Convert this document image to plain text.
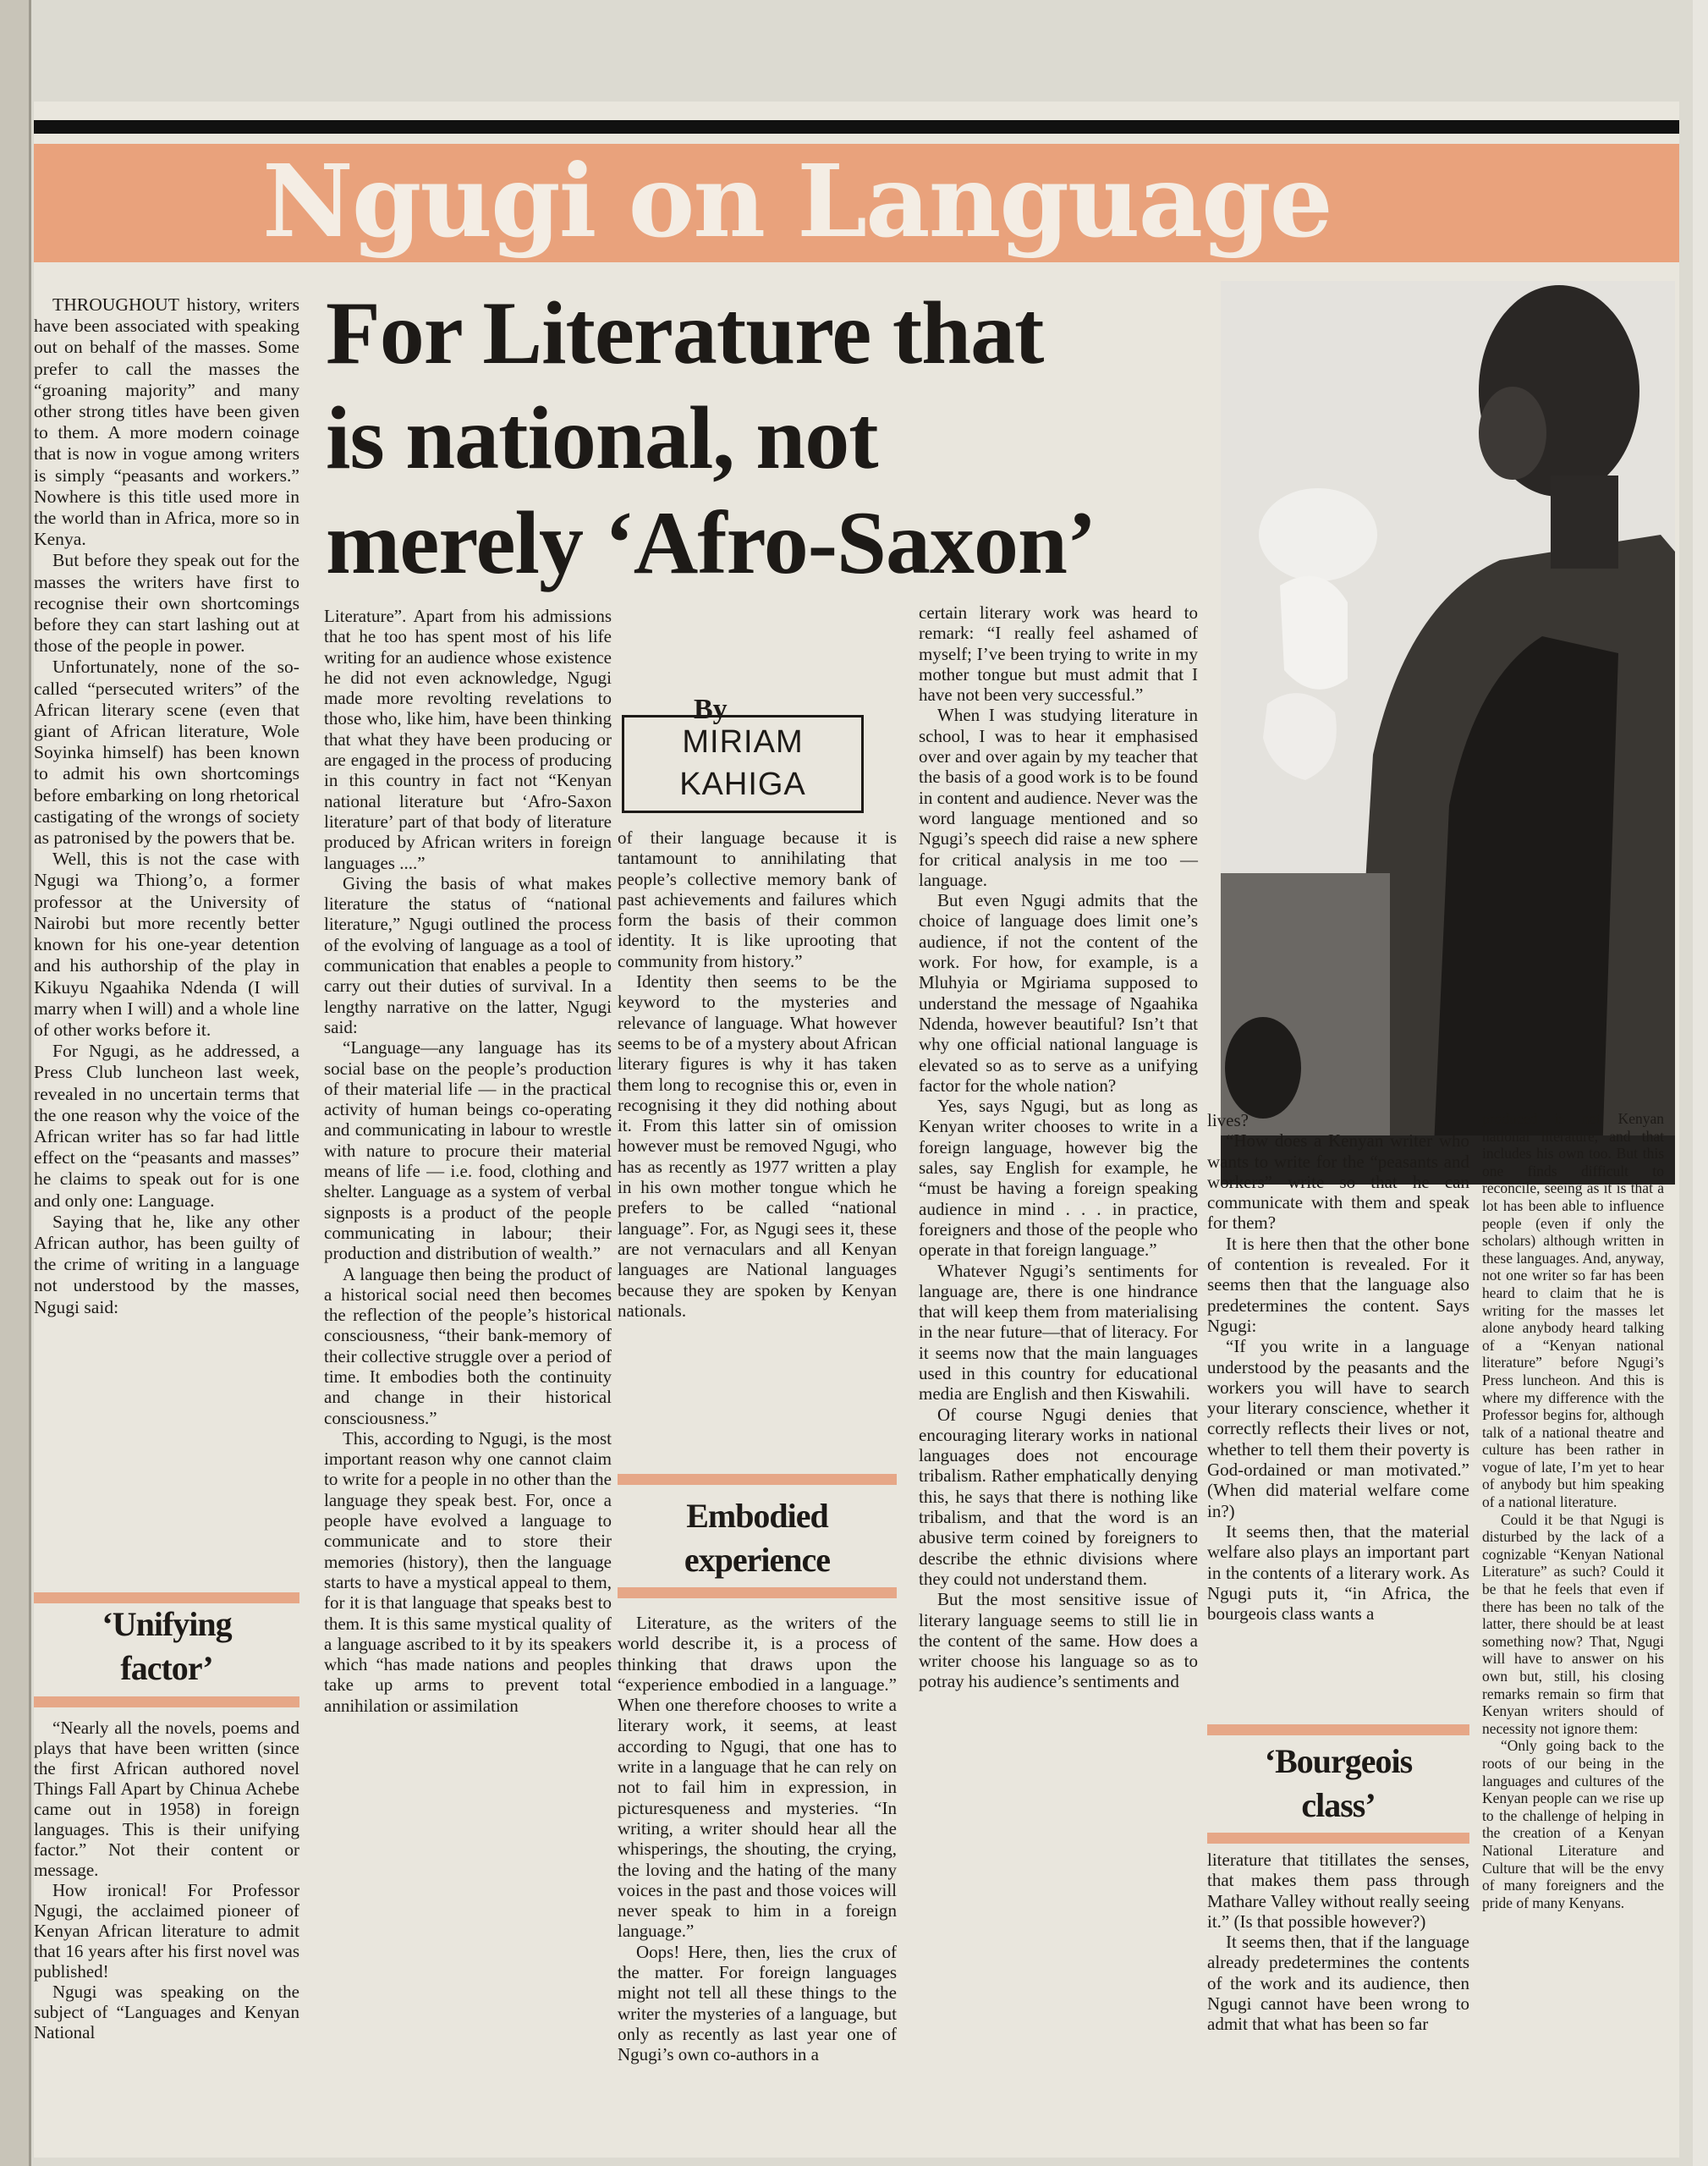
Ngugi on Language
For Literature that
is national, not
merely ‘Afro-Saxon’
By
MIRIAM
KAHIGA

THROUGHOUT history, writers have been associated with speaking out on behalf of the masses. Some prefer to call the masses the “groaning majority” and many other strong titles have been given to them. A more modern coinage that is now in vogue among writers is simply “peasants and workers.” Nowhere is this title used more in the world than in Africa, more so in Kenya.

But before they speak out for the masses the writers have first to recognise their own shortcomings before they can start lashing out at those of the people in power.

Unfortunately, none of the so-called “persecuted writers” of the African literary scene (even that giant of African literature, Wole Soyinka himself) has been known to admit his own shortcomings before embarking on long rhetorical castigating of the wrongs of society as patronised by the powers that be.

Well, this is not the case with Ngugi wa Thiong’o, a former professor at the University of Nairobi but more recently better known for his one-year detention and his authorship of the play in Kikuyu Ngaahika Ndenda (I will marry when I will) and a whole line of other works before it.

For Ngugi, as he addressed, a Press Club luncheon last week, revealed in no uncertain terms that the one reason why the voice of the African writer has so far had little effect on the “peasants and masses” he claims to speak out for is one and only one: Language.

Saying that he, like any other African author, has been guilty of the crime of writing in a language not understood by the masses, Ngugi said:

‘Unifying
factor’

“Nearly all the novels, poems and plays that have been written (since the first African authored novel Things Fall Apart by Chinua Achebe came out in 1958) in foreign languages. This is their unifying factor.” Not their content or message.

How ironical! For Professor Ngugi, the acclaimed pioneer of Kenyan African literature to admit that 16 years after his first novel was published!

Ngugi was speaking on the subject of “Languages and Kenyan National

Literature”. Apart from his admissions that he too has spent most of his life writing for an audience whose existence he did not even acknowledge, Ngugi made more revolting revelations to those who, like him, have been thinking that what they have been producing or are engaged in the process of producing in this country in fact not “Kenyan national literature but ‘Afro-Saxon literature’ part of that body of literature produced by African writers in foreign languages ....”

Giving the basis of what makes literature the status of “national literature,” Ngugi outlined the process of the evolving of language as a tool of communication that enables a people to carry out their duties of survival. In a lengthy narrative on the latter, Ngugi said:

“Language—any language has its social base on the people’s production of their material life — in the practical activity of human beings co-operating and communicating in labour to wrestle with nature to procure their material means of life — i.e. food, clothing and shelter. Language as a system of verbal signposts is a product of the people communicating in labour; their production and distribution of wealth.”

A language then being the product of a historical social need then becomes the reflection of the people’s historical consciousness, “their bank-memory of their collective struggle over a period of time. It embodies both the continuity and change in their historical consciousness.”

This, according to Ngugi, is the most important reason why one cannot claim to write for a people in no other than the language they speak best. For, once a people have evolved a language to communicate and to store their memories (history), then the language starts to have a mystical appeal to them, for it is that language that speaks best to them. It is this same mystical quality of a language ascribed to it by its speakers which “has made nations and peoples take up arms to prevent total annihilation or assimilation

of their language because it is tantamount to annihilating that people’s collective memory bank of past achievements and failures which form the basis of their common identity. It is like uprooting that community from history.”

Identity then seems to be the keyword to the mysteries and relevance of language. What however seems to be of a mystery about African literary figures is why it has taken them long to recognise this or, even in recognising it they did nothing about it. From this latter sin of omission however must be removed Ngugi, who has as recently as 1977 written a play in his own mother tongue which he prefers to be called “national language”. For, as Ngugi sees it, these are not vernaculars and all Kenyan languages are National languages because they are spoken by Kenyan nationals.

Embodied
experience

Literature, as the writers of the world describe it, is a process of thinking that draws upon the “experience embodied in a language.” When one therefore chooses to write a literary work, it seems, at least according to Ngugi, that one has to write in a language that he can rely on not to fail him in expression, in picturesqueness and mysteries. “In writing, a writer should hear all the whisperings, the shouting, the crying, the loving and the hating of the many voices in the past and those voices will never speak to him in a foreign language.”

Oops! Here, then, lies the crux of the matter. For foreign languages might not tell all these things to the writer the mysteries of a language, but only as recently as last year one of Ngugi’s own co-authors in a

certain literary work was heard to remark: “I really feel ashamed of myself; I’ve been trying to write in my mother tongue but must admit that I have not been very successful.”

When I was studying literature in school, I was to hear it emphasised over and over again by my teacher that the basis of a good work is to be found in content and audience. Never was the word language mentioned and so Ngugi’s speech did raise a new sphere for critical analysis in me too — language.

But even Ngugi admits that the choice of language does limit one’s audience, if not the content of the work. For how, for example, is a Mluhyia or Mgiriama supposed to understand the message of Ngaahika Ndenda, however beautiful? Isn’t that why one official national language is elevated so as to serve as a unifying factor for the whole nation?

Yes, says Ngugi, but as long as Kenyan writer chooses to write in a foreign language, however big the sales, say English for example, he “must be having a foreign speaking audience in mind . . . in practice, foreigners and those of the people who operate in that foreign language.”

Whatever Ngugi’s sentiments for language are, there is one hindrance that will keep them from materialising in the near future—that of literacy. For it seems now that the main languages used in this country for educational media are English and then Kiswahili.

Of course Ngugi denies that encouraging literary works in national languages does not encourage tribalism. Rather emphatically denying this, he says that there is nothing like tribalism, and that the word is an abusive term coined by foreigners to describe the ethnic divisions where they could not understand them.

But the most sensitive issue of literary language seems to still lie in the content of the same. How does a writer choose his language so as to potray his audience’s sentiments and

lives?

“How does a Kenyan writer who wants to write for the “peasants and workers” write so that he can communicate with them and speak for them?

It is here then that the other bone of contention is revealed. For it seems then that the language also predetermines the content. Says Ngugi:

“If you write in a language understood by the peasants and the workers you will have to search your literary conscience, whether it correctly reflects their lives or not, whether to tell them their poverty is God-ordained or man motivated.” (When did material welfare come in?)

It seems then, that the material welfare also plays an important part in the contents of a literary work. As Ngugi puts it, “in Africa, the bourgeois class wants a

‘Bourgeois
class’

literature that titillates the senses, that makes them pass through Mathare Valley without really seeing it.” (Is that possible however?)

It seems then, that if the language already predetermines the contents of the work and its audience, then Ngugi cannot have been wrong to admit that what has been so far

produced is not Kenyan national literature, and that includes his own too. But this one finds difficult to reconcile, seeing as it is that a lot has been able to influence people (even if only the scholars) although written in these languages. And, anyway, not one writer so far has been heard to claim that he is writing for the masses let alone anybody heard talking of a “Kenyan national literature” before Ngugi’s Press luncheon. And this is where my difference with the Professor begins for, although talk of a national theatre and culture has been rather in vogue of late, I’m yet to hear of anybody but him speaking of a national literature.

Could it be that Ngugi is disturbed by the lack of a cognizable “Kenyan National Literature” as such? Could it be that he feels that even if there has been no talk of the latter, there should be at least something now? That, Ngugi will have to answer on his own but, still, his closing remarks remain so firm that Kenyan writers should of necessity not ignore them:

“Only going back to the roots of our being in the languages and cultures of the Kenyan people can we rise up to the challenge of helping in the creation of a Kenyan National Literature and Culture that will be the envy of many foreigners and the pride of many Kenyans.
